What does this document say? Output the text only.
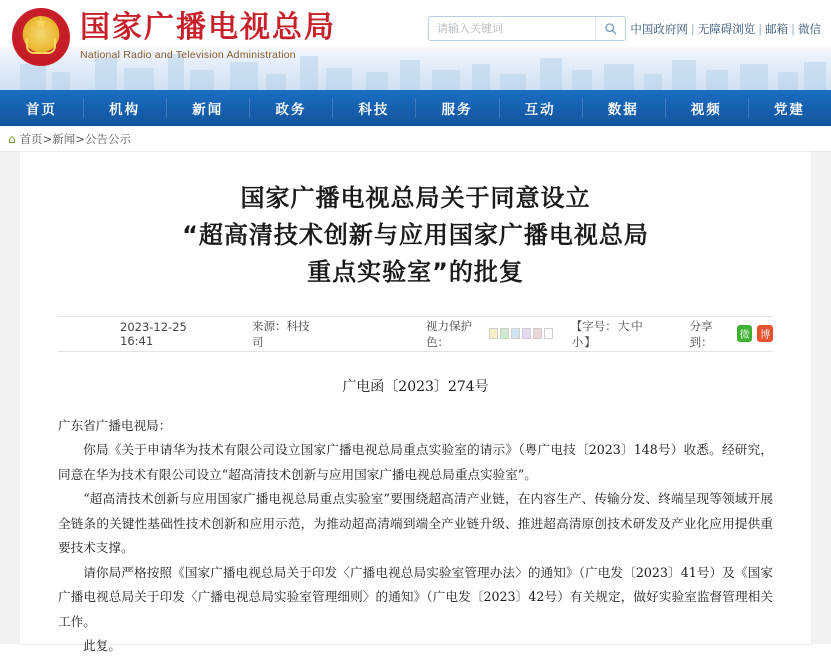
★
国家广播电视总局
National Radio and Television Administration
请输入关键词
中国政府网 | 无障碍浏览 | 邮箱 | 微信
首页	机构	新闻	政务	科技	服务	互动	数据	视频	党建
⌂ 首页 > 新闻 > 公告公示
国家广播电视总局关于同意设立
“超高清技术创新与应用国家广播电视总局
重点实验室”的批复
2023-12-25 16:41
来源：科技司
视力保护色：
【字号：大 中小】
分享到：	微 博
广电函〔2023〕274号

广东省广播电视局：

你局《关于申请华为技术有限公司设立国家广播电视总局重点实验室的请示》（粤广电技〔2023〕148号）收悉。经研究，同意在华为技术有限公司设立“超高清技术创新与应用国家广播电视总局重点实验室”。

“超高清技术创新与应用国家广播电视总局重点实验室”要围绕超高清产业链，在内容生产、传输分发、终端呈现等领域开展全链条的关键性基础性技术创新和应用示范，为推动超高清端到端全产业链升级、推进超高清原创技术研发及产业化应用提供重要技术支撑。

请你局严格按照《国家广播电视总局关于印发〈广播电视总局实验室管理办法〉的通知》（广电发〔2023〕41号）及《国家广播电视总局关于印发〈广播电视总局实验室管理细则〉的通知》（广电发〔2023〕42号）有关规定，做好实验室监督管理相关工作。

此复。
